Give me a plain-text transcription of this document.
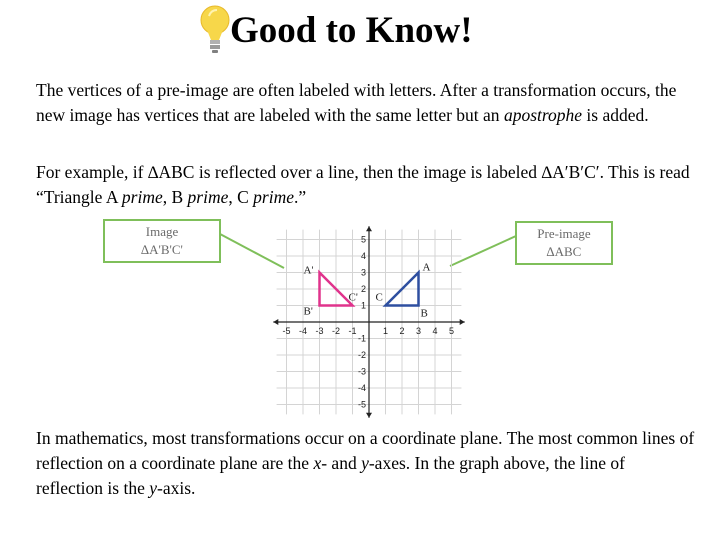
Good to Know!

The vertices of a pre-image are often labeled with letters. After a transformation occurs, the new image has vertices that are labeled with the same letter but an apostrophe is added.

For example, if ∆ABC is reflected over a line, then the image is labeled ∆A′B′C′. This is read “Triangle A prime, B prime, C prime.”

Image
∆A'B'C'
Pre-image
∆ABC
-5 -4 -3 -2 -1	1 2 3 4 5
5
4
3
2
1
-1
-2
-3
-4
-5
A
B
C
A'
B'
C'

In mathematics, most transformations occur on a coordinate plane. The most common lines of reflection on a coordinate plane are the x- and y-axes. In the graph above, the line of reflection is the y-axis.
